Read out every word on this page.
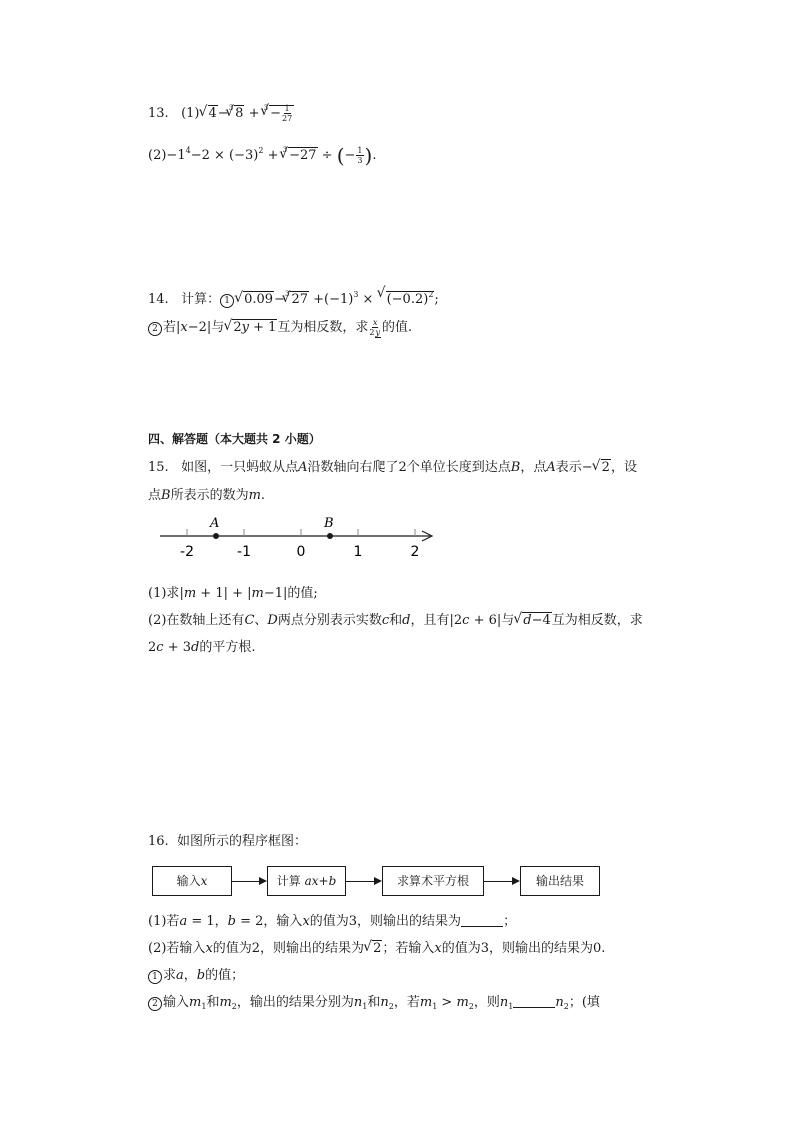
13. (1)√ 4−$^3$√ $8 + ^3√ - \frac{1}{27}$
$(2)-1^4-2 \times (-3)^2 + ^3√ -27$ ÷ (− $\frac{1}{3}$ ).
14. 计算： 1√ 0.09−$^3$√ $27 +(-1)^3$ × √ $(-0.2)^2$;
2 若|x−2|与√ 2y + 1互为相反数，求 $\frac{x}{2y}$ 的值.
四、解答题（本大题共 2 小题）
15. 如图，一只蚂蚁从点A沿数轴向右爬了2个单位长度到达点B，点A表示−√ 2，设
点B所表示的数为m.
-2	-1	0	1	2
A	B
(1)求|m + 1| + |m−1|的值;
(2)在数轴上还有C、D两点分别表示实数c和d，且有|2c + 6|与√ d−4互为相反数，求
2c + 3d的平方根.
16. 如图所示的程序框图：
输入x	计算 ax+b	求算术平方根	输出结果
(1)若a = 1，b = 2，输入x的值为3，则输出的结果为	；
(2)若输入x的值为2，则输出的结果为√ 2；若输入x的值为3，则输出的结果为0.
1 求a，b的值；
2 输入$m_1$和$m_2$，输出的结果分别为$n_1$和$n_2$，若$m_1 > m_2$，则$n_1$	$n_2$；(填
